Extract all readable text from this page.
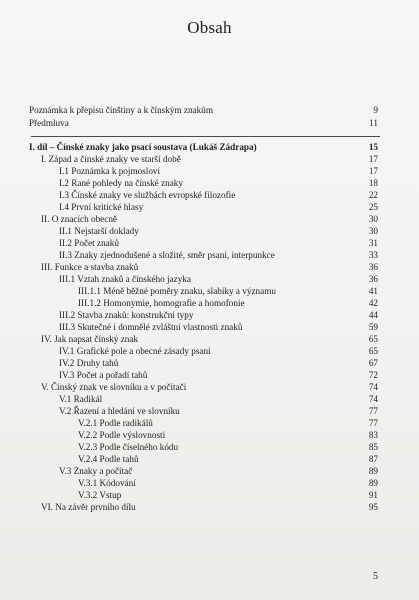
Obsah
Poznámka k přepisu čínštiny a k čínským znakům	9
Předmluva	11
I. díl – Čínské znaky jako psací soustava (Lukáš Zádrapa)	15
I. Západ a čínské znaky ve starší době	17
I.1 Poznámka k pojmosloví	17
I.2 Rané pohledy na čínské znaky	18
I.3 Čínské znaky ve službách evropské filozofie	22
I.4 První kritické hlasy	25
II. O znacích obecně	30
II.1 Nejstarší doklady	30
II.2 Počet znaků	31
II.3 Znaky zjednodušené a složité, směr psaní, interpunkce	33
III. Funkce a stavba znaků	36
III.1 Vztah znaků a čínského jazyka	36
III.1.1 Méně běžné poměry znaku, slabiky a významu	41
III.1.2 Homonymie, homografie a homofonie	42
III.2 Stavba znaků: konstrukční typy	44
III.3 Skutečné i domnělé zvláštní vlastnosti znaků	59
IV. Jak napsat čínský znak	65
IV.1 Grafické pole a obecné zásady psaní	65
IV.2 Druhy tahů	67
IV.3 Počet a pořadí tahů	72
V. Čínský znak ve slovníku a v počítači	74
V.1 Radikál	74
V.2 Řazení a hledání ve slovníku	77
V.2.1 Podle radikálů	77
V.2.2 Podle výslovnosti	83
V.2.3 Podle číselného kódu	85
V.2.4 Podle tahů	87
V.3 Znaky a počítač	89
V.3.1 Kódování	89
V.3.2 Vstup	91
VI. Na závěr prvního dílu	95
5
